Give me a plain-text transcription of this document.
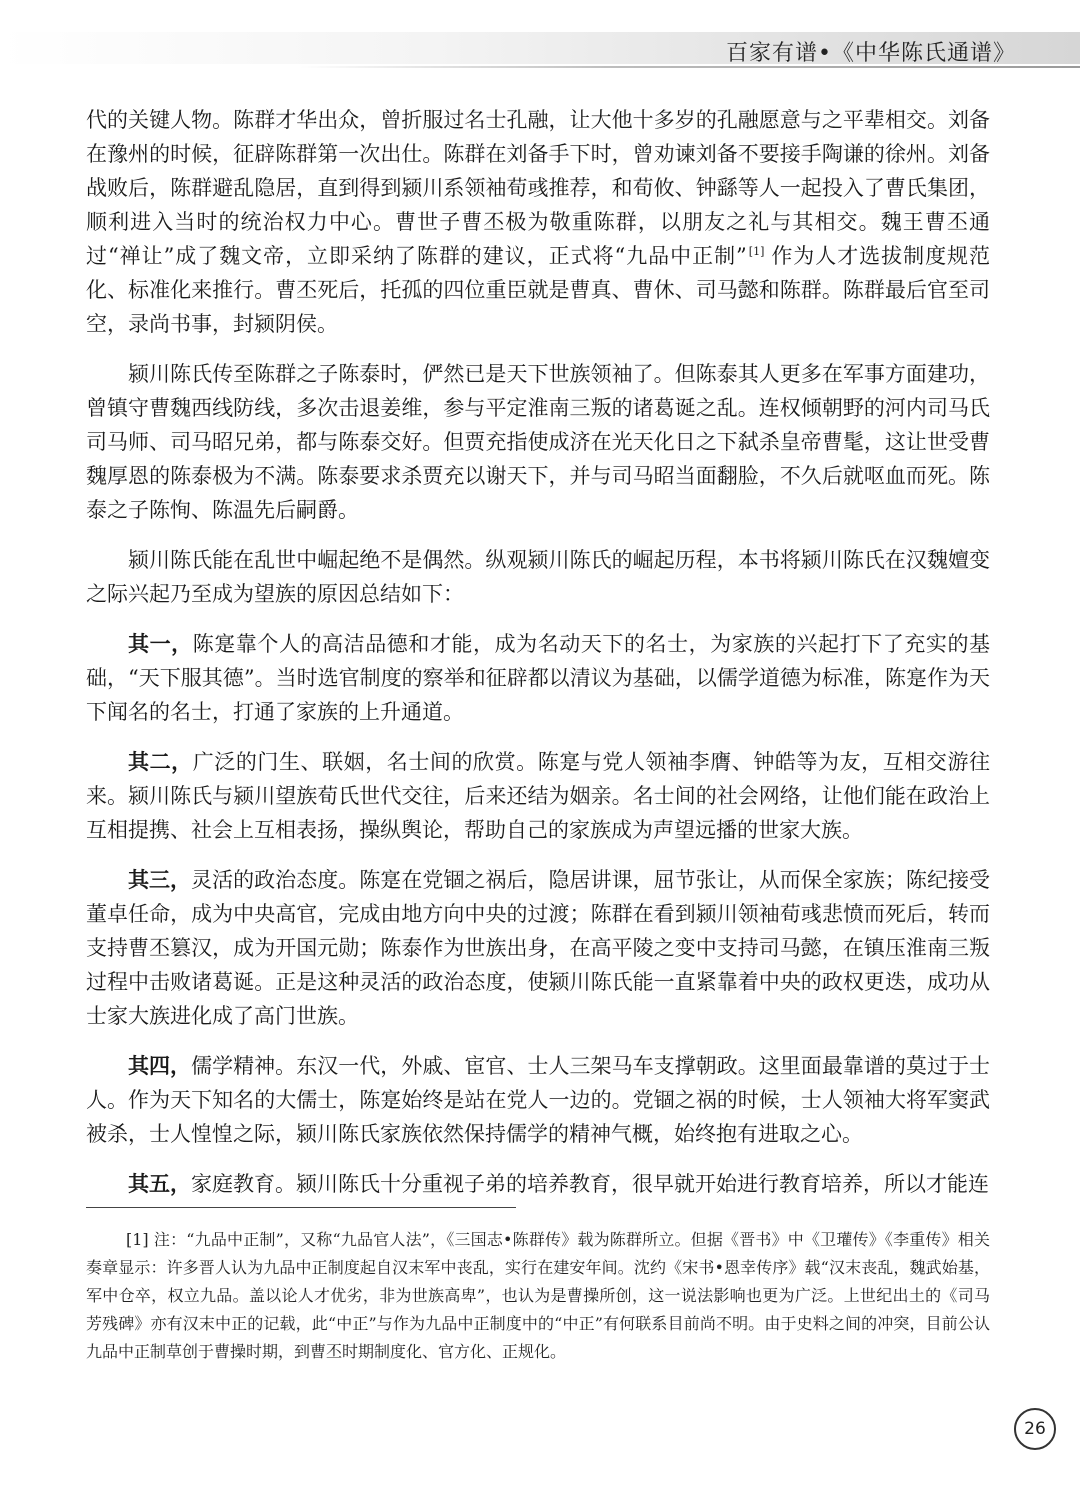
百家有谱•《中华陈氏通谱》

代的关键人物。陈群才华出众，曾折服过名士孔融，让大他十多岁的孔融愿意与之平辈相交。刘备在豫州的时候，征辟陈群第一次出仕。陈群在刘备手下时，曾劝谏刘备不要接手陶谦的徐州。刘备战败后，陈群避乱隐居，直到得到颍川系领袖荀彧推荐，和荀攸、钟繇等人一起投入了曹氏集团，顺利进入当时的统治权力中心。曹世子曹丕极为敬重陈群，以朋友之礼与其相交。魏王曹丕通过“禅让”成了魏文帝，立即采纳了陈群的建议，正式将“九品中正制” [1] 作为人才选拔制度规范化、标准化来推行。曹丕死后，托孤的四位重臣就是曹真、曹休、司马懿和陈群。陈群最后官至司空，录尚书事，封颍阴侯。

颍川陈氏传至陈群之子陈泰时，俨然已是天下世族领袖了。但陈泰其人更多在军事方面建功，曾镇守曹魏西线防线，多次击退姜维，参与平定淮南三叛的诸葛诞之乱。连权倾朝野的河内司马氏司马师、司马昭兄弟，都与陈泰交好。但贾充指使成济在光天化日之下弑杀皇帝曹髦，这让世受曹魏厚恩的陈泰极为不满。陈泰要求杀贾充以谢天下，并与司马昭当面翻脸，不久后就呕血而死。陈泰之子陈恂、陈温先后嗣爵。

颍川陈氏能在乱世中崛起绝不是偶然。纵观颍川陈氏的崛起历程，本书将颍川陈氏在汉魏嬗变之际兴起乃至成为望族的原因总结如下：

其一，陈寔靠个人的高洁品德和才能，成为名动天下的名士，为家族的兴起打下了充实的基础，“天下服其德”。当时选官制度的察举和征辟都以清议为基础，以儒学道德为标准，陈寔作为天下闻名的名士，打通了家族的上升通道。

其二，广泛的门生、联姻，名士间的欣赏。陈寔与党人领袖李膺、钟皓等为友，互相交游往来。颍川陈氏与颍川望族荀氏世代交往，后来还结为姻亲。名士间的社会网络，让他们能在政治上互相提携、社会上互相表扬，操纵舆论，帮助自己的家族成为声望远播的世家大族。

其三，灵活的政治态度。陈寔在党锢之祸后，隐居讲课，屈节张让，从而保全家族；陈纪接受董卓任命，成为中央高官，完成由地方向中央的过渡；陈群在看到颍川领袖荀彧悲愤而死后，转而支持曹丕篡汉，成为开国元勋；陈泰作为世族出身，在高平陵之变中支持司马懿，在镇压淮南三叛过程中击败诸葛诞。正是这种灵活的政治态度，使颍川陈氏能一直紧靠着中央的政权更迭，成功从士家大族进化成了高门世族。

其四，儒学精神。东汉一代，外戚、宦官、士人三架马车支撑朝政。这里面最靠谱的莫过于士人。作为天下知名的大儒士，陈寔始终是站在党人一边的。党锢之祸的时候，士人领袖大将军窦武被杀，士人惶惶之际，颍川陈氏家族依然保持儒学的精神气概，始终抱有进取之心。

其五，家庭教育。颍川陈氏十分重视子弟的培养教育，很早就开始进行教育培养，所以才能连

[1] 注：“九品中正制”，又称“九品官人法”，《三国志•陈群传》载为陈群所立。但据《晋书》中《卫瓘传》《李重传》相关奏章显示：许多晋人认为九品中正制度起自汉末军中丧乱，实行在建安年间。沈约《宋书•恩幸传序》载“汉末丧乱，魏武始基，军中仓卒，权立九品。盖以论人才优劣，非为世族高卑”，也认为是曹操所创，这一说法影响也更为广泛。上世纪出土的《司马芳残碑》亦有汉末中正的记载，此“中正”与作为九品中正制度中的“中正”有何联系目前尚不明。由于史料之间的冲突，目前公认九品中正制草创于曹操时期，到曹丕时期制度化、官方化、正规化。

26
